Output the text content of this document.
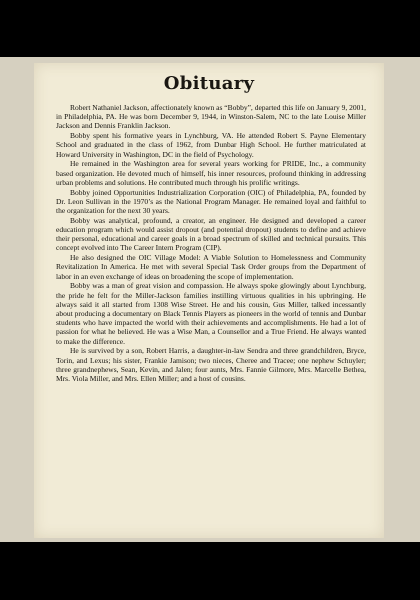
Obituary

Robert Nathaniel Jackson, affectionately known as “Bobby”, departed this life on January 9, 2001, in Philadelphia, PA. He was born December 9, 1944, in Winston-Salem, NC to the late Louise Miller Jackson and Dennis Franklin Jackson.

Bobby spent his formative years in Lynchburg, VA. He attended Robert S. Payne Elementary School and graduated in the class of 1962, from Dunbar High School. He further matriculated at Howard University in Washington, DC in the field of Psychology.

He remained in the Washington area for several years working for PRIDE, Inc., a community based organization. He devoted much of himself, his inner resources, profound thinking in addressing urban problems and solutions. He contributed much through his prolific writings.

Bobby joined Opportunities Industrialization Corporation (OIC) of Philadelphia, PA, founded by Dr. Leon Sullivan in the 1970’s as the National Program Manager. He remained loyal and faithful to the organization for the next 30 years.

Bobby was analytical, profound, a creator, an engineer. He designed and developed a career education program which would assist dropout (and potential dropout) students to define and achieve their personal, educational and career goals in a broad spectrum of skilled and technical pursuits. This concept evolved into The Career Intern Program (CIP).

He also designed the OIC Village Model: A Viable Solution to Homelessness and Community Revitalization In America. He met with several Special Task Order groups from the Department of labor in an even exchange of ideas on broadening the scope of implementation.

Bobby was a man of great vision and compassion. He always spoke glowingly about Lynchburg, the pride he felt for the Miller-Jackson families instilling virtuous qualities in his upbringing. He always said it all started from 1308 Wise Street. He and his cousin, Gus Miller, talked incessantly about producing a documentary on Black Tennis Players as pioneers in the world of tennis and Dunbar students who have impacted the world with their achievements and accomplishments. He had a lot of passion for what he believed. He was a Wise Man, a Counsellor and a True Friend. He always wanted to make the difference.

He is survived by a son, Robert Harris, a daughter-in-law Sendra and three grandchildren, Bryce, Torin, and Lexus; his sister, Frankie Jamison; two nieces, Cheree and Tracee; one nephew Schuyler; three grandnephews, Sean, Kevin, and Jalen; four aunts, Mrs. Fannie Gilmore, Mrs. Marcelle Bethea, Mrs. Viola Miller, and Mrs. Ellen Miller; and a host of cousins.
